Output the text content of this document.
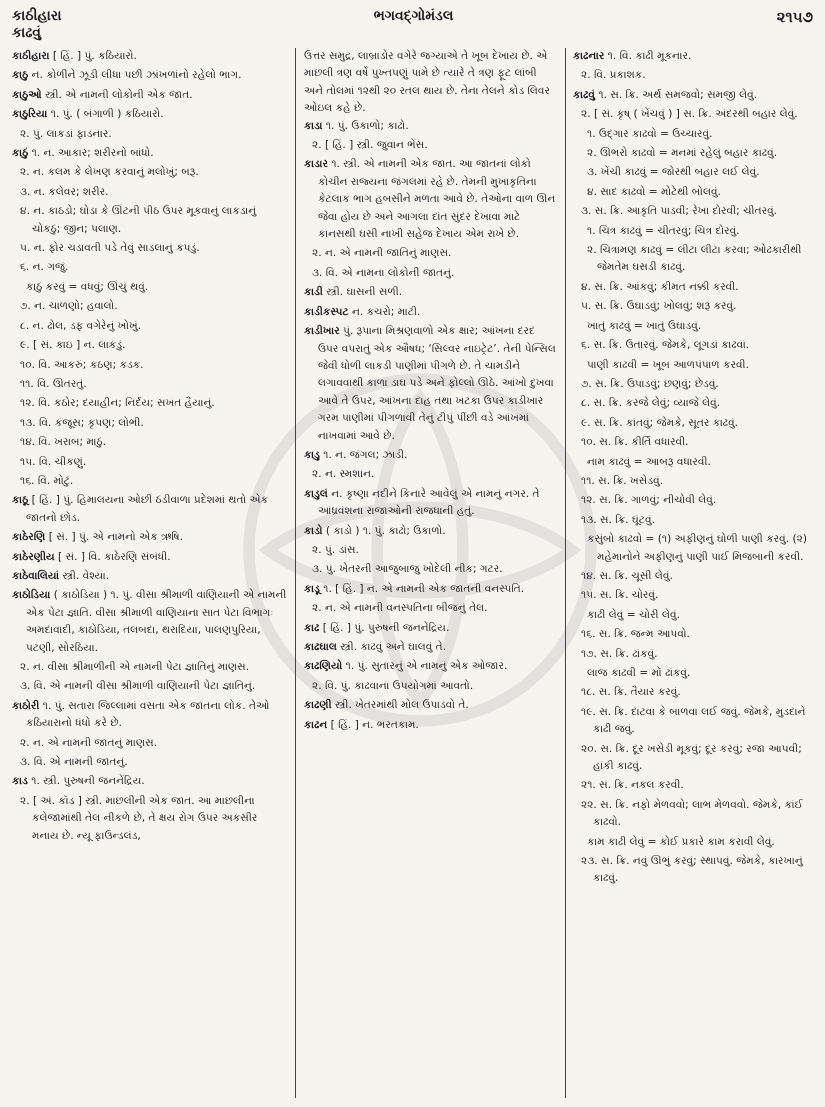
કાઠીહારા
કાઢવું
ભગવદ્ગોમંડલ	૨૧૫૭
કાઠીહારા [ હિં. ] પું. કઠિયારો.
કાઠુ ન. કોળીને ઝૂડી લીધા પછી ઝાંખળાંનો રહેલો ભાગ.
કાઠુઓ સ્ત્રી. એ નામની લોકોની એક જાત.
કાઠુરિયા ૧. પું. ( બંગાળી ) કઠિયારો.
૨. પું. લાકડાં ફાડનાર.
કાઠું ૧. ન. આકાર; શરીરનો બાંધો.
૨. ન. કલમ કે લેખણ કરવાનું મલોખું; બરૂ.
૩. ન. કલેવર; શરીર.
૪. ન. કાઠડો; ઘોડા કે ઊંટની પીઠ ઉપર મૂકવાનું લાકડાનું ચોકઠું; જીન; પલાણ.
૫. ન. ફોર ચડાવતી પડે તેવું સાડલાનું કપડું.
૬. ન. ગજું.
કાઠું કરવું = વધવું; ઊંચું થવું.
૭. ન. ચાળણો; હવાલો.
૮. ન. ઢોલ, ડફ વગેરેનું ખોખું.
૯. [ સં. કાઇ ] ન. લાકડું.
૧૦. વિ. આકરું; કઠણ; કડક.
૧૧. વિ. ઊતરતું.
૧૨. વિ. કઠોર; દયાહીન; નિર્દય; સખત હૈયાનું.
૧૩. વિ. કંજૂસ; કૃપણ; લોભી.
૧૪. વિ. ખરાબ; માઠું.
૧૫. વિ. ચીકણું.
૧૬. વિ. મોટું.
કાઠૂ [ હિં. ] પું. હિમાલયના ઓછી ઠંડીવાળા પ્રદેશમાં થતો એક જાતનો છોડ.
કાઠેરણિ [ સં. ] પું. એ નામનો એક ઋષિ.
કાઠેરણીય [ સં. ] વિ. કાઠેરણિ સંબંધી.
કાઠેવાલિયાં સ્ત્રી. વેશ્યા.
કાઠોડિયા ( કાઠોડિયા ) ૧. પું. વીસા શ્રીમાળી વાણિયાની એ નામની એક પેટા જ્ઞાતિ. વીસા શ્રીમાળી વાણિયાના સાત પેટા વિભાગઃ અમદાવાદી, કાઠોડિયા, તલબદા, થરાદિયા, પાલણપુરિયા, પટણી, સોરઠિયા.
૨. ન. વીસા શ્રીમાળીની એ નામની પેટા જ્ઞાતિનું માણસ.
૩. વિ. એ નામની વીસા શ્રીમાળી વાણિયાની પેટા જ્ઞાતિનું.
કાઠોરી ૧. પું. સતારા જિલ્લામાં વસતા એક જાતના લોક. તેઓ કઠિયારાનો ધંધો કરે છે.
૨. ન. એ નામની જાતનું માણસ.
૩. વિ. એ નામની જાતનું.
કાડ ૧. સ્ત્રી. પુરુષની જનનેંદ્રિય.
૨. [ અં. કૉડ ] સ્ત્રી. માછલીની એક જાત. આ માછલીના કલેજામાંથી તેલ નીકળે છે, તે ક્ષય રોગ ઉપર અકસીર મનાય છે. ન્યૂ ફાઉન્ડલંડ,
ઉત્તર સમુદ્ર, લાબ્રાડોર વગેરે જગ્યાએ તે ખૂબ દેખાય છે. એ માછલી ત્રણ વર્ષે પુખ્તપણું પામે છે ત્યારે તે ત્રણ ફૂટ લાંબી અને તોલમાં ૧૨થી ૨૦ રતલ થાય છે. તેના તેલને કોડ લિવર ઓઇલ કહે છે.
કાડા ૧. પું. ઉકાળો; કાઢો.
૨. [ હિં. ] સ્ત્રી. જુવાન ભેંસ.
કાડાર ૧. સ્ત્રી. એ નામની એક જાત. આ જાતનાં લોકો કોચીન રાજ્યના જંગલમાં રહે છે. તેમની મુખાકૃતિના કેટલાક ભાગ હબસીને મળતા આવે છે. તેઓના વાળ ઊન જેવા હોય છે અને આગલા દાંત સુંદર દેખાવા માટે કાનસથી ઘસી નાખી સહેજ દેખાય એમ રાખે છે.
૨. ન. એ નામની જાતિનું માણસ.
૩. વિ. એ નામના લોકોની જાતનું.
કાડી સ્ત્રી. ઘાસની સળી.
કાડીકસ્પટ ન. કચરો; માટી.
કાડીખાર પું. રૂપાના મિશ્રણવાળો એક ક્ષાર; આંખના દરદ ઉપર વપરાતું એક ઔષધ; ‘સિલ્વર નાઇટ્રેટ’. તેની પેન્સિલ જેવી ધોળી લાકડી પાણીમાં પીગળે છે. તે ચામડીને લગાવવાથી કાળા ડાઘ પડે અને ફોલ્લો ઊઠે. આંખો દુખવા આવે તે ઉપર, આંખના દાહ તથા ખટકા ઉપર કાડીખાર ગરમ પાણીમાં પીગળાવી તેનું ટીપું પીંછી વડે આંખમાં નાખવામાં આવે છે.
કાડુ ૧. ન. જંગલ; ઝાડી.
૨. ન. સ્મશાન.
કાડુલં ન. કૃષ્ણા નદીને કિનારે આવેલું એ નામનું નગર. તે આંધ્રવંશના રાજાઓની રાજધાની હતું.
કાડો ( કાડો ) ૧. પું. કાઢો; ઉકાળો.
૨. પું. ડાંસ.
૩. પું. ખેતરની આજુબાજુ ખોદેલી નીક; ગટર.
કાડૂ ૧. [ હિં. ] ન. એ નામની એક જાતની વનસ્પતિ.
૨. ન. એ નામની વનસ્પતિના બીજનું તેલ.
કાઢ [ હિં. ] પું. પુરુષની જનનેંદ્રિય.
કાઢઘાલ સ્ત્રી. કાઢવું અને ઘાલવું તે.
કાઢણિયો ૧. પું. સુતારનું એ નામનું એક ઓજાર.
૨. વિ. પું. કાઢવાના ઉપયોગમાં આવતો.
કાઢણી સ્ત્રી. ખેતરમાંથી મોલ ઉપાડવો તે.
કાઢન [ હિં. ] ન. ભરતકામ.
કાઢનાર ૧. વિ. કાઢી મૂકનાર.
૨. વિ. પ્રકાશક.
કાઢવું ૧. સ. ક્રિ. અર્થ સમજવો; સમજી લેવું.
૨. [ સં. કૃષ્ ( ખેંચવું ) ] સ. ક્રિ. અંદરથી બહાર લેવું.
૧. ઉદ્ગાર કાઢવો = ઉચ્ચારવું.
૨. ઊભરો કાઢવો = મનમાં રહેલું બહાર કાઢવું.
૩. ખેંચી કાઢવું = જોરથી બહાર લઈ લેવું.
૪. સાદ કાઢવો = મોટેથી બોલવું.
૩. સ. ક્રિ. આકૃતિ પાડવી; રેખા દોરવી; ચીતરવું.
૧. ચિત્ર કાઢવું = ચીતરવું; ચિત્ર દોરવું.
૨. ચિત્રામણ કાઢવું = લીટા લીટા કરવા; ઓઢકારીથી જેમતેમ ઘસડી કાઢવું.
૪. સ. ક્રિ. આંકવું; કીમત નક્કી કરવી.
૫. સ. ક્રિ. ઉઘાડવું; ખોલવું; શરૂ કરવું.
ખાતું કાઢવું = ખાતું ઉઘાડવું.
૬. સ. ક્રિ. ઉતારવું. જેમકે, લૂગડાં કાઢવાં.
પાણી કાઢવી = ખૂબ આળપંપાળ કરવી.
૭. સ. ક્રિ. ઉપાડવું; છણવું; છેડવું.
૮. સ. ક્રિ. કરજે લેવું; વ્યાજે લેવું.
૯. સ. ક્રિ. કાંતવું; જેમકે, સૂતર કાઢવું.
૧૦. સ. ક્રિ. કીર્તિ વધારવી.
નામ કાઢવું = આબરૂ વધારવી.
૧૧. સ. ક્રિ. ખસેડવું.
૧૨. સ. ક્રિ. ગાળવું; નીચોવી લેવું.
૧૩. સ. ક્રિ. ઘૂંટવું.
કસુંબો કાઢવો = (૧) અફીણનું ઘોળી પાણી કરવું. (૨) મહેમાનોને અફીણનું પાણી પાઈ મિજબાની કરવી.
૧૪. સ. ક્રિ. ચૂસી લેવું.
૧૫. સ. ક્રિ. ચોરવું.
કાઢી લેવું = ચોરી લેવું.
૧૬. સ. ક્રિ. જન્મ આપવો.
૧૭. સ. ક્રિ. ઢાંકવું.
લાજ કાઢવી = મોં ઢાંકવું.
૧૮. સ. ક્રિ. તૈયાર કરવું.
૧૯. સ. ક્રિ. દાટવા કે બાળવા લઈ જવું. જેમકે, મુડદાને કાઢી જવું.
૨૦. સ. ક્રિ. દૂર ખસેડી મૂકવું; દૂર કરવું; રજા આપવી; હાંકી કાઢવું.
૨૧. સ. ક્રિ. નકલ કરવી.
૨૨. સ. ક્રિ. નફો મેળવવો; લાભ મેળવવો. જેમકે, કાંઈ કાઢવો.
કામ કાઢી લેવું = કોઈ પ્રકારે કામ કરાવી લેવું.
૨૩. સ. ક્રિ. નવું ઊભું કરવું; સ્થાપવું. જેમકે, કારખાનું કાઢવું.
